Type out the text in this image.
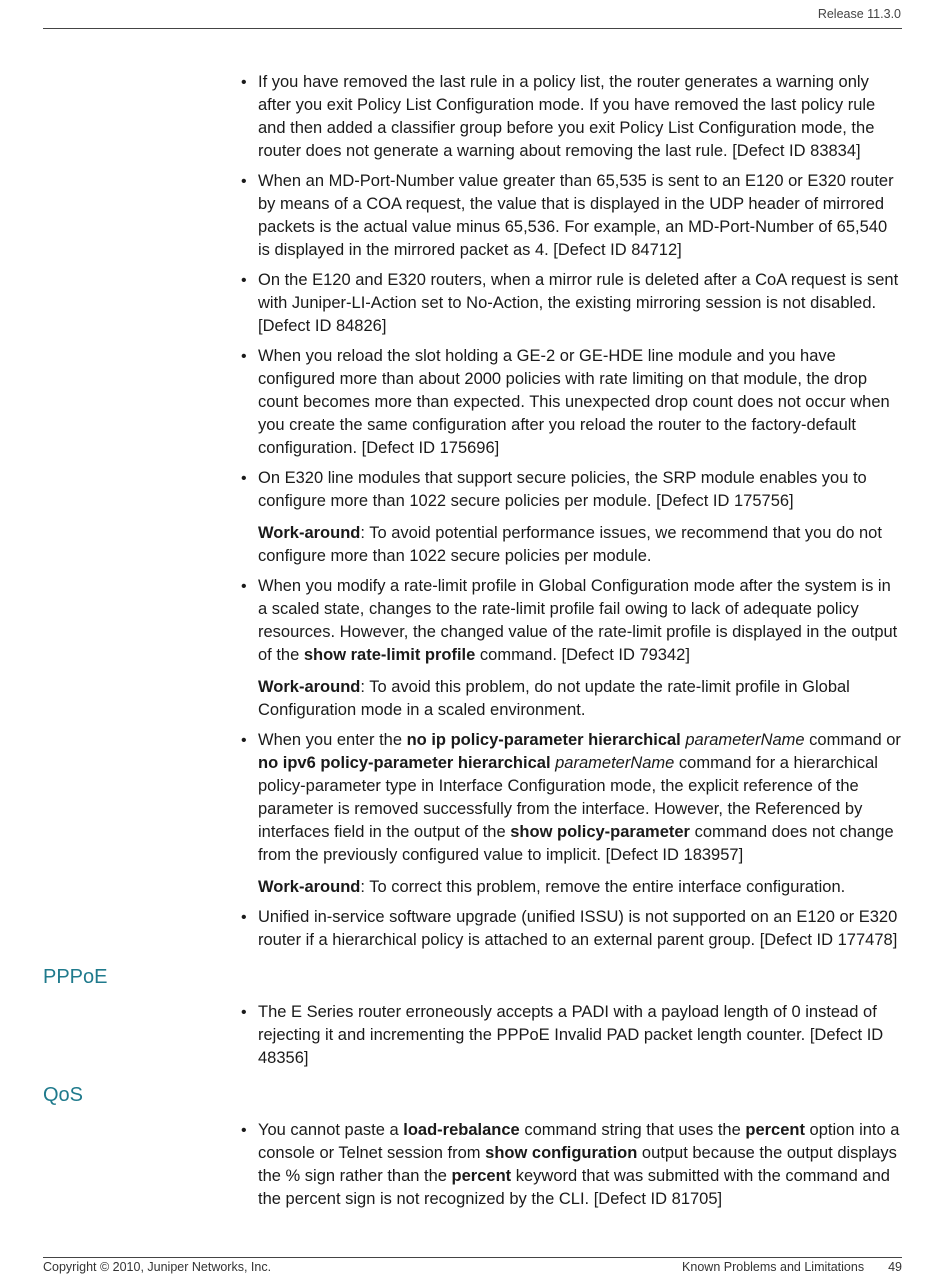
Release 11.3.0
• If you have removed the last rule in a policy list, the router generates a warning only after you exit Policy List Configuration mode. If you have removed the last policy rule and then added a classifier group before you exit Policy List Configuration mode, the router does not generate a warning about removing the last rule. [Defect ID 83834]
• When an MD-Port-Number value greater than 65,535 is sent to an E120 or E320 router by means of a COA request, the value that is displayed in the UDP header of mirrored packets is the actual value minus 65,536. For example, an MD-Port-Number of 65,540 is displayed in the mirrored packet as 4. [Defect ID 84712]
• On the E120 and E320 routers, when a mirror rule is deleted after a CoA request is sent with Juniper-LI-Action set to No-Action, the existing mirroring session is not disabled. [Defect ID 84826]
• When you reload the slot holding a GE-2 or GE-HDE line module and you have configured more than about 2000 policies with rate limiting on that module, the drop count becomes more than expected. This unexpected drop count does not occur when you create the same configuration after you reload the router to the factory-default configuration. [Defect ID 175696]
• On E320 line modules that support secure policies, the SRP module enables you to configure more than 1022 secure policies per module. [Defect ID 175756]
Work-around: To avoid potential performance issues, we recommend that you do not configure more than 1022 secure policies per module.
• When you modify a rate-limit profile in Global Configuration mode after the system is in a scaled state, changes to the rate-limit profile fail owing to lack of adequate policy resources. However, the changed value of the rate-limit profile is displayed in the output of the show rate-limit profile command. [Defect ID 79342]
Work-around: To avoid this problem, do not update the rate-limit profile in Global Configuration mode in a scaled environment.
• When you enter the no ip policy-parameter hierarchical parameterName command or no ipv6 policy-parameter hierarchical parameterName command for a hierarchical policy-parameter type in Interface Configuration mode, the explicit reference of the parameter is removed successfully from the interface. However, the Referenced by interfaces field in the output of the show policy-parameter command does not change from the previously configured value to implicit. [Defect ID 183957]
Work-around: To correct this problem, remove the entire interface configuration.
• Unified in-service software upgrade (unified ISSU) is not supported on an E120 or E320 router if a hierarchical policy is attached to an external parent group. [Defect ID 177478]
PPPoE
• The E Series router erroneously accepts a PADI with a payload length of 0 instead of rejecting it and incrementing the PPPoE Invalid PAD packet length counter. [Defect ID 48356]
QoS
• You cannot paste a load-rebalance command string that uses the percent option into a console or Telnet session from show configuration output because the output displays the % sign rather than the percent keyword that was submitted with the command and the percent sign is not recognized by the CLI. [Defect ID 81705]
Copyright © 2010, Juniper Networks, Inc.	Known Problems and Limitations 49
